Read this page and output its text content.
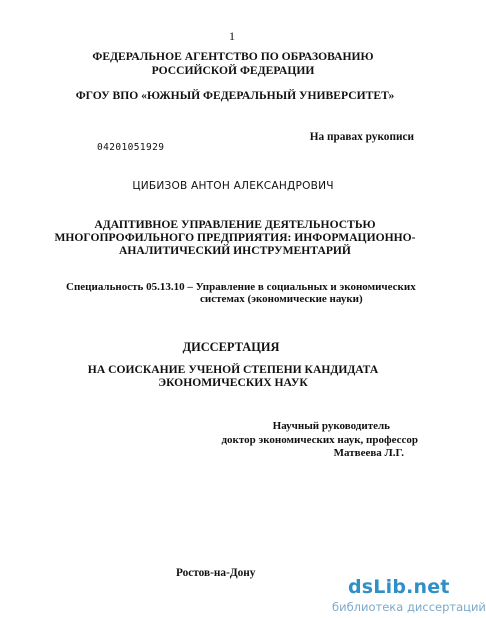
1
ФЕДЕРАЛЬНОЕ АГЕНТСТВО ПО ОБРАЗОВАНИЮ
РОССИЙСКОЙ ФЕДЕРАЦИИ
ФГОУ ВПО «ЮЖНЫЙ ФЕДЕРАЛЬНЫЙ УНИВЕРСИТЕТ»
На правах рукописи
04201051929
ЦИБИЗОВ АНТОН АЛЕКСАНДРОВИЧ
АДАПТИВНОЕ УПРАВЛЕНИЕ ДЕЯТЕЛЬНОСТЬЮ
МНОГОПРОФИЛЬНОГО ПРЕДПРИЯТИЯ: ИНФОРМАЦИОННО-
АНАЛИТИЧЕСКИЙ ИНСТРУМЕНТАРИЙ
Специальность 05.13.10 – Управление в социальных и экономических
системах (экономические науки)
ДИССЕРТАЦИЯ
НА СОИСКАНИЕ УЧЕНОЙ СТЕПЕНИ КАНДИДАТА
ЭКОНОМИЧЕСКИХ НАУК
Научный руководитель
доктор экономических наук, профессор
Матвеева Л.Г.
Ростов-на-Дону
dsLib.net
библиотека диссертаций
